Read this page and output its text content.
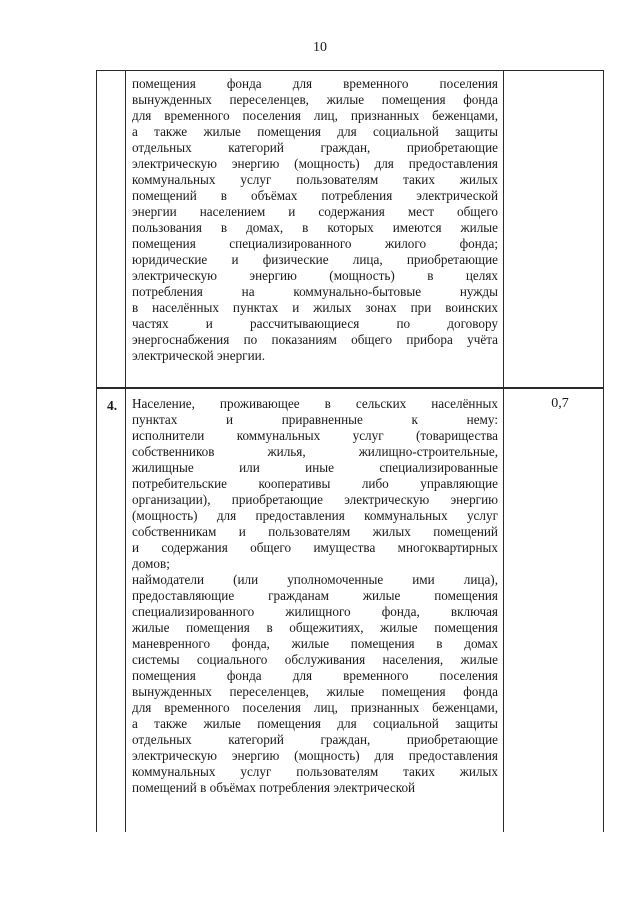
10

помещения фонда для временного поселения

вынужденных переселенцев, жилые помещения фонда

для временного поселения лиц, признанных беженцами,

а также жилые помещения для социальной защиты

отдельных категорий граждан, приобретающие

электрическую энергию (мощность) для предоставления

коммунальных услуг пользователям таких жилых

помещений в объёмах потребления электрической

энергии населением и содержания мест общего

пользования в домах, в которых имеются жилые

помещения специализированного жилого фонда;

юридические и физические лица, приобретающие

электрическую энергию (мощность) в целях

потребления на коммунально-бытовые нужды

в населённых пунктах и жилых зонах при воинских

частях и рассчитывающиеся по договору

энергоснабжения по показаниям общего прибора учёта

электрической энергии.

4.	0,7

Население, проживающее в сельских населённых

пунктах и приравненные к нему:

исполнители коммунальных услуг (товарищества

собственников жилья, жилищно-строительные,

жилищные или иные специализированные

потребительские кооперативы либо управляющие

организации), приобретающие электрическую энергию

(мощность) для предоставления коммунальных услуг

собственникам и пользователям жилых помещений

и содержания общего имущества многоквартирных

домов;

наймодатели (или уполномоченные ими лица),

предоставляющие гражданам жилые помещения

специализированного жилищного фонда, включая

жилые помещения в общежитиях, жилые помещения

маневренного фонда, жилые помещения в домах

системы социального обслуживания населения, жилые

помещения фонда для временного поселения

вынужденных переселенцев, жилые помещения фонда

для временного поселения лиц, признанных беженцами,

а также жилые помещения для социальной защиты

отдельных категорий граждан, приобретающие

электрическую энергию (мощность) для предоставления

коммунальных услуг пользователям таких жилых

помещений в объёмах потребления электрической
